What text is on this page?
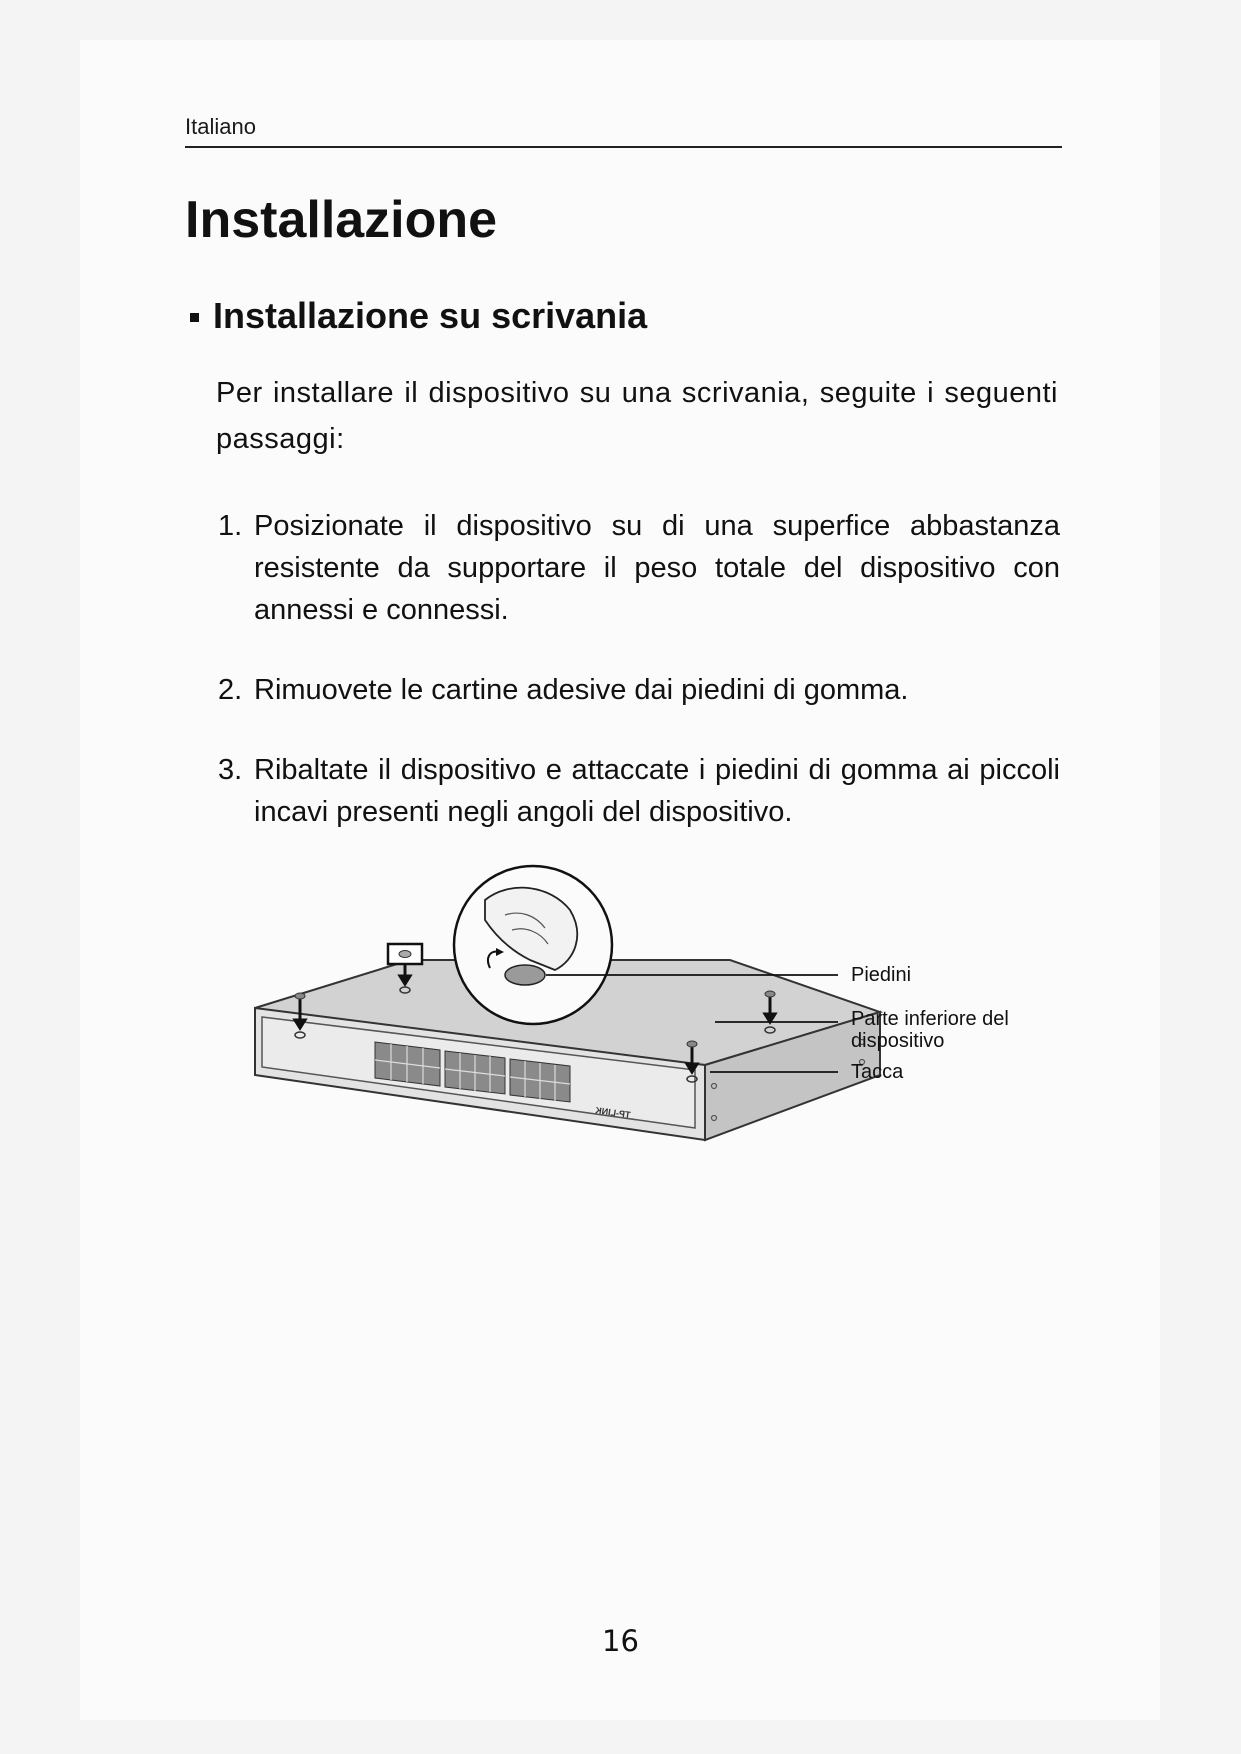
Italiano
Installazione
Installazione su scrivania

Per installare il dispositivo su una scrivania, seguite i seguenti passaggi:

1. Posizionate il dispositivo su di una superfice abbastanza resistente da supportare il peso totale del dispositivo con annessi e connessi.
2. Rimuovete le cartine adesive dai piedini di gomma.
3. Ribaltate il dispositivo e attaccate i piedini di gomma ai piccoli incavi presenti negli angoli del dispositivo.
TP-LINK
Piedini
Parte inferiore del dispositivo
Tacca
16
